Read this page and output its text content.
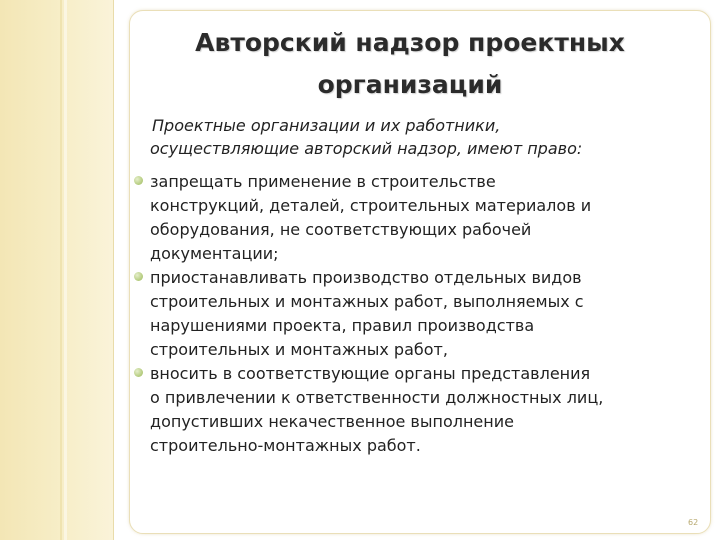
Авторский надзор проектных
организаций
Проектные организации и их работники,
осуществляющие авторский надзор, имеют право:
запрещать применение в строительстве
конструкций, деталей, строительных материалов и
оборудования, не соответствующих рабочей
документации;
приостанавливать производство отдельных видов
строительных и монтажных работ, выполняемых с
нарушениями проекта, правил производства
строительных и монтажных работ,
вносить в соответствующие органы представления
о привлечении к ответственности должностных лиц,
допустивших некачественное выполнение
строительно-монтажных работ.
62
